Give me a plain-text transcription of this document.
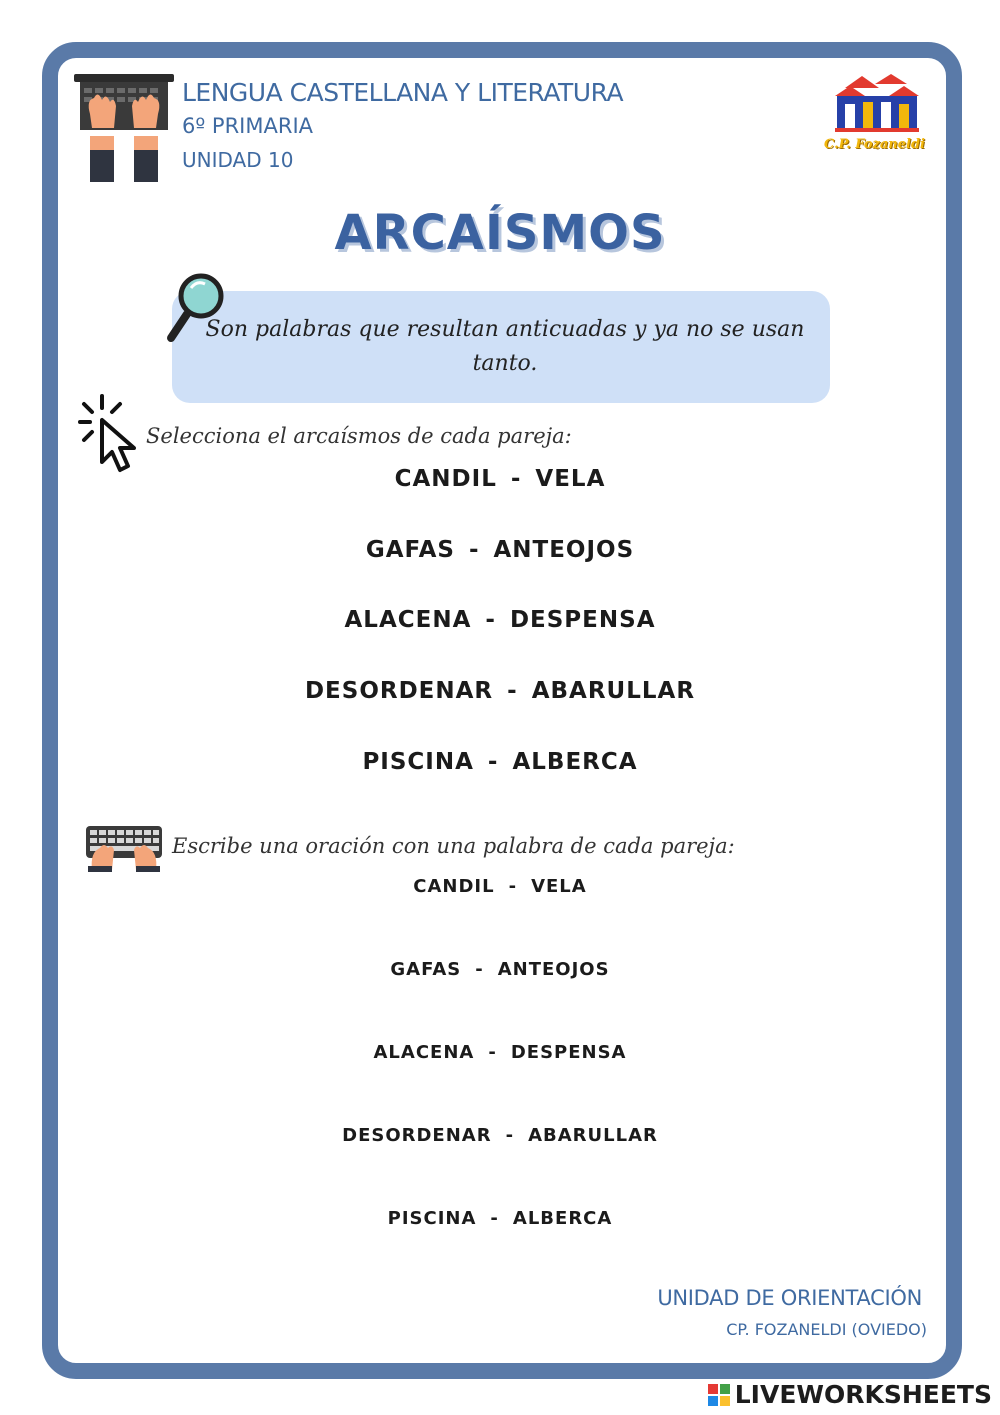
LENGUA CASTELLANA Y LITERATURA
6º PRIMARIA
UNIDAD 10
C.P. Fozaneldi
ARCAÍSMOS
Son palabras que resultan anticuadas y ya no se usan tanto.
Selecciona el arcaísmos de cada pareja:
CANDIL - VELA
GAFAS - ANTEOJOS
ALACENA - DESPENSA
DESORDENAR - ABARULLAR
PISCINA - ALBERCA
Escribe una oración con una palabra de cada pareja:
CANDIL - VELA
GAFAS - ANTEOJOS
ALACENA - DESPENSA
DESORDENAR - ABARULLAR
PISCINA - ALBERCA
UNIDAD DE ORIENTACIÓN
CP. FOZANELDI (OVIEDO)
LIVEWORKSHEETS
